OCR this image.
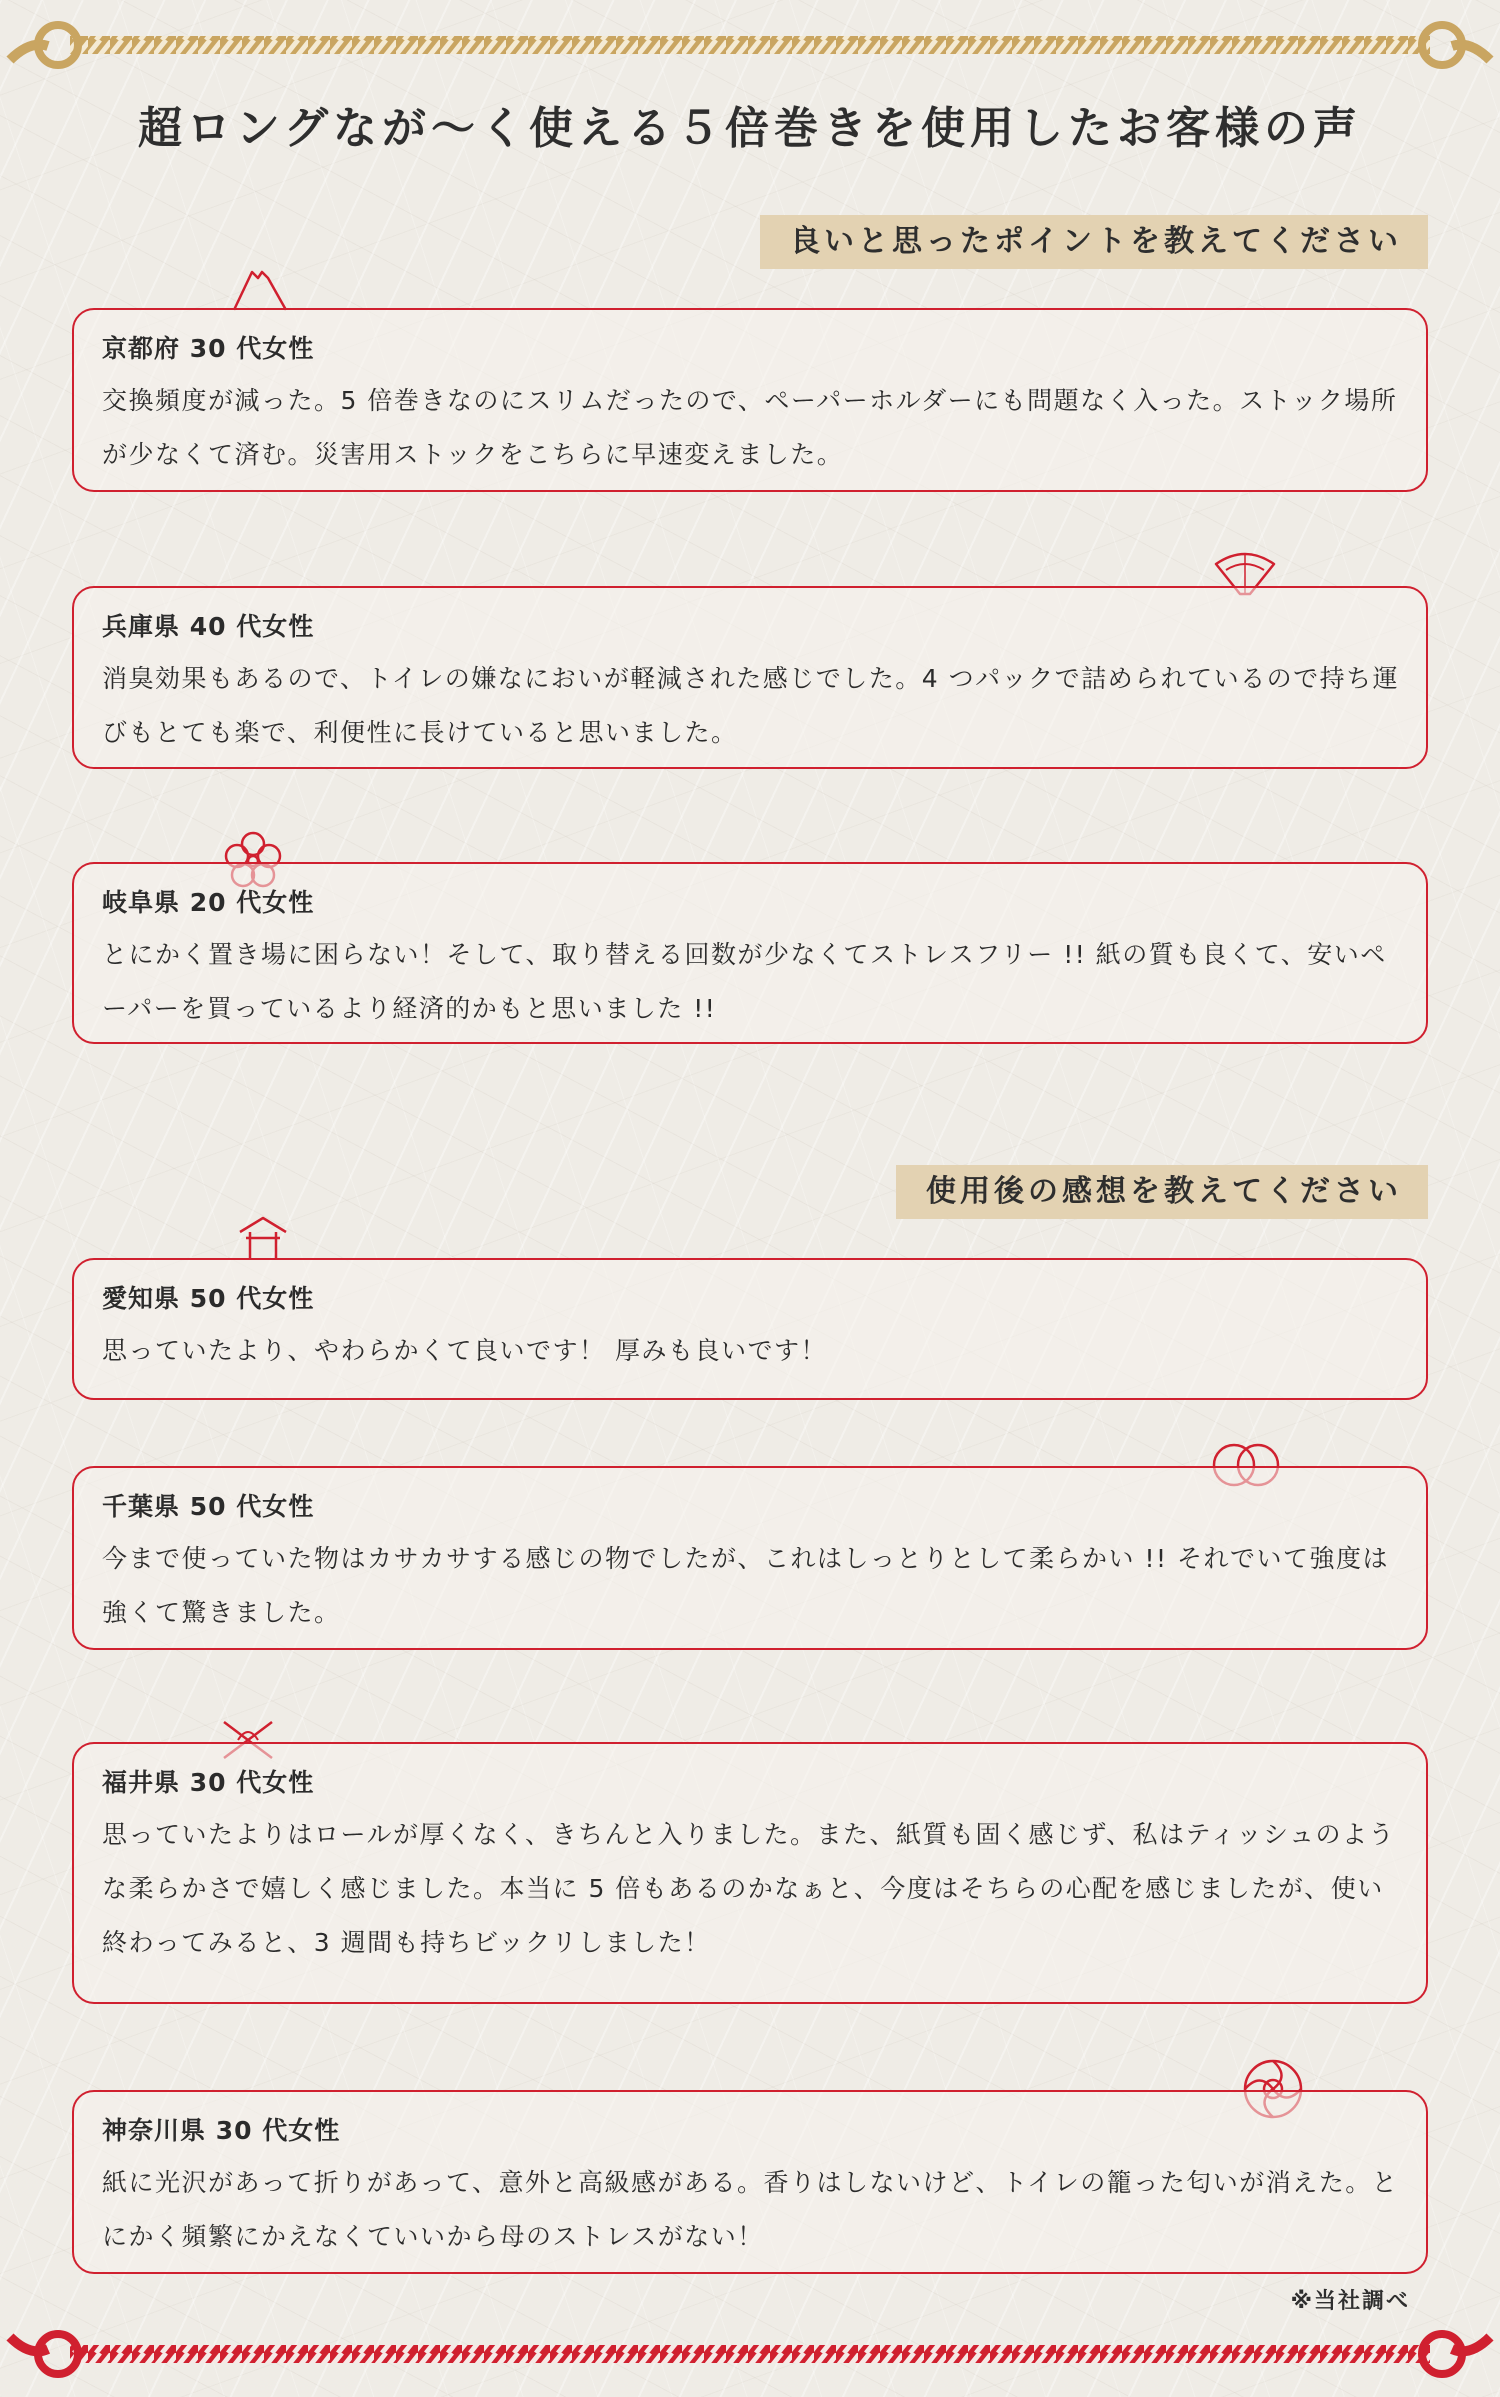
超ロングなが〜く使える５倍巻きを使用したお客様の声
良いと思ったポイントを教えてください
京都府 30 代女性
交換頻度が減った。5 倍巻きなのにスリムだったので、ペーパーホルダーにも問題なく入った。ストック場所が少なくて済む。災害用ストックをこちらに早速変えました。
兵庫県 40 代女性
消臭効果もあるので、トイレの嫌なにおいが軽減された感じでした。4 つパックで詰められているので持ち運びもとても楽で、利便性に長けていると思いました。
岐阜県 20 代女性
とにかく置き場に困らない！そして、取り替える回数が少なくてストレスフリー !! 紙の質も良くて、安いペーパーを買っているより経済的かもと思いました !!
使用後の感想を教えてください
愛知県 50 代女性
思っていたより、やわらかくて良いです！ 厚みも良いです！
千葉県 50 代女性
今まで使っていた物はカサカサする感じの物でしたが、これはしっとりとして柔らかい !! それでいて強度は強くて驚きました。
福井県 30 代女性
思っていたよりはロールが厚くなく、きちんと入りました。また、紙質も固く感じず、私はティッシュのような柔らかさで嬉しく感じました。本当に 5 倍もあるのかなぁと、今度はそちらの心配を感じましたが、使い終わってみると、3 週間も持ちビックリしました！
神奈川県 30 代女性
紙に光沢があって折りがあって、意外と高級感がある。香りはしないけど、トイレの籠った匂いが消えた。とにかく頻繁にかえなくていいから母のストレスがない！
※当社調べ
